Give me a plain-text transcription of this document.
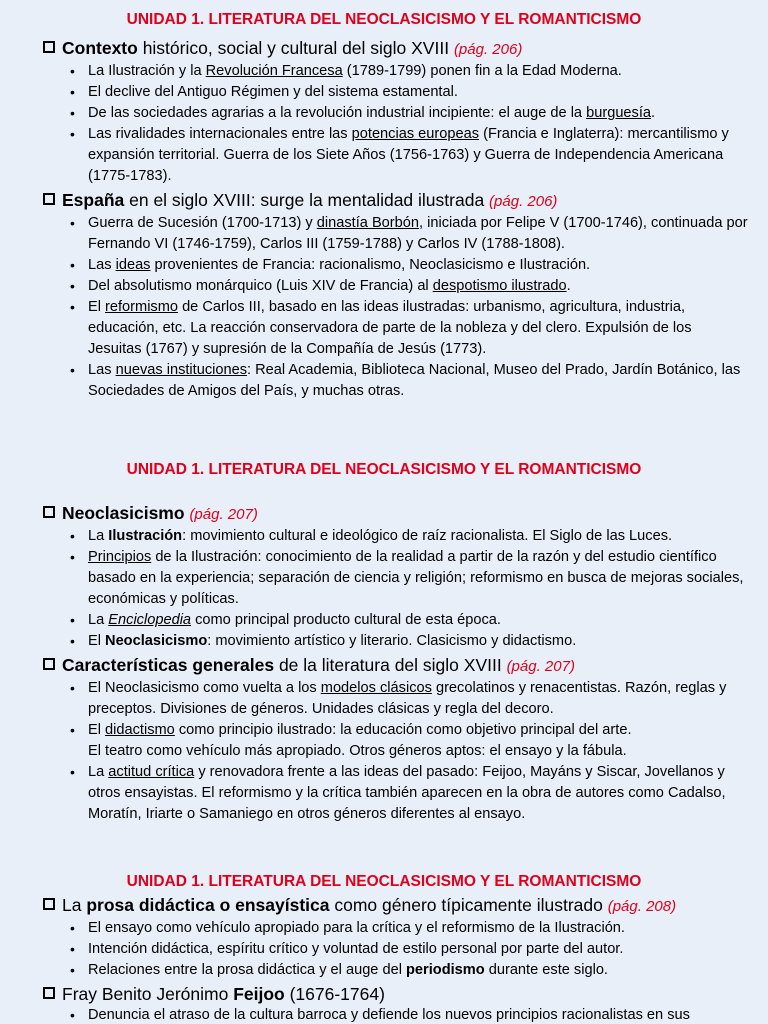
UNIDAD 1. LITERATURA DEL NEOCLASICISMO Y EL ROMANTICISMO

Contexto histórico, social y cultural del siglo XVIII (pág. 206)

• La Ilustración y la Revolución Francesa (1789-1799) ponen fin a la Edad Moderna.
• El declive del Antiguo Régimen y del sistema estamental.
• De las sociedades agrarias a la revolución industrial incipiente: el auge de la burguesía.
• Las rivalidades internacionales entre las potencias europeas (Francia e Inglaterra): mercantilismo y expansión territorial. Guerra de los Siete Años (1756-1763) y Guerra de Independencia Americana (1775-1783).

España en el siglo XVIII: surge la mentalidad ilustrada (pág. 206)

• Guerra de Sucesión (1700-1713) y dinastía Borbón, iniciada por Felipe V (1700-1746), continuada por Fernando VI (1746-1759), Carlos III (1759-1788) y Carlos IV (1788-1808).
• Las ideas provenientes de Francia: racionalismo, Neoclasicismo e Ilustración.
• Del absolutismo monárquico (Luis XIV de Francia) al despotismo ilustrado.
• El reformismo de Carlos III, basado en las ideas ilustradas: urbanismo, agricultura, industria, educación, etc. La reacción conservadora de parte de la nobleza y del clero. Expulsión de los Jesuitas (1767) y supresión de la Compañía de Jesús (1773).
• Las nuevas instituciones: Real Academia, Biblioteca Nacional, Museo del Prado, Jardín Botánico, las Sociedades de Amigos del País, y muchas otras.
UNIDAD 1. LITERATURA DEL NEOCLASICISMO Y EL ROMANTICISMO

Neoclasicismo (pág. 207)

• La Ilustración: movimiento cultural e ideológico de raíz racionalista. El Siglo de las Luces.
• Principios de la Ilustración: conocimiento de la realidad a partir de la razón y del estudio científico basado en la experiencia; separación de ciencia y religión; reformismo en busca de mejoras sociales, económicas y políticas.
• La Enciclopedia como principal producto cultural de esta época.
• El Neoclasicismo: movimiento artístico y literario. Clasicismo y didactismo.

Características generales de la literatura del siglo XVIII (pág. 207)

• El Neoclasicismo como vuelta a los modelos clásicos grecolatinos y renacentistas. Razón, reglas y preceptos. Divisiones de géneros. Unidades clásicas y regla del decoro.
• El didactismo como principio ilustrado: la educación como objetivo principal del arte.
El teatro como vehículo más apropiado. Otros géneros aptos: el ensayo y la fábula.
• La actitud crítica y renovadora frente a las ideas del pasado: Feijoo, Mayáns y Siscar, Jovellanos y otros ensayistas. El reformismo y la crítica también aparecen en la obra de autores como Cadalso, Moratín, Iriarte o Samaniego en otros géneros diferentes al ensayo.
UNIDAD 1. LITERATURA DEL NEOCLASICISMO Y EL ROMANTICISMO

La prosa didáctica o ensayística como género típicamente ilustrado (pág. 208)

• El ensayo como vehículo apropiado para la crítica y el reformismo de la Ilustración.
• Intención didáctica, espíritu crítico y voluntad de estilo personal por parte del autor.
• Relaciones entre la prosa didáctica y el auge del periodismo durante este siglo.

Fray Benito Jerónimo Feijoo (1676-1764)

• Denuncia el atraso de la cultura barroca y defiende los nuevos principios racionalistas en sus
